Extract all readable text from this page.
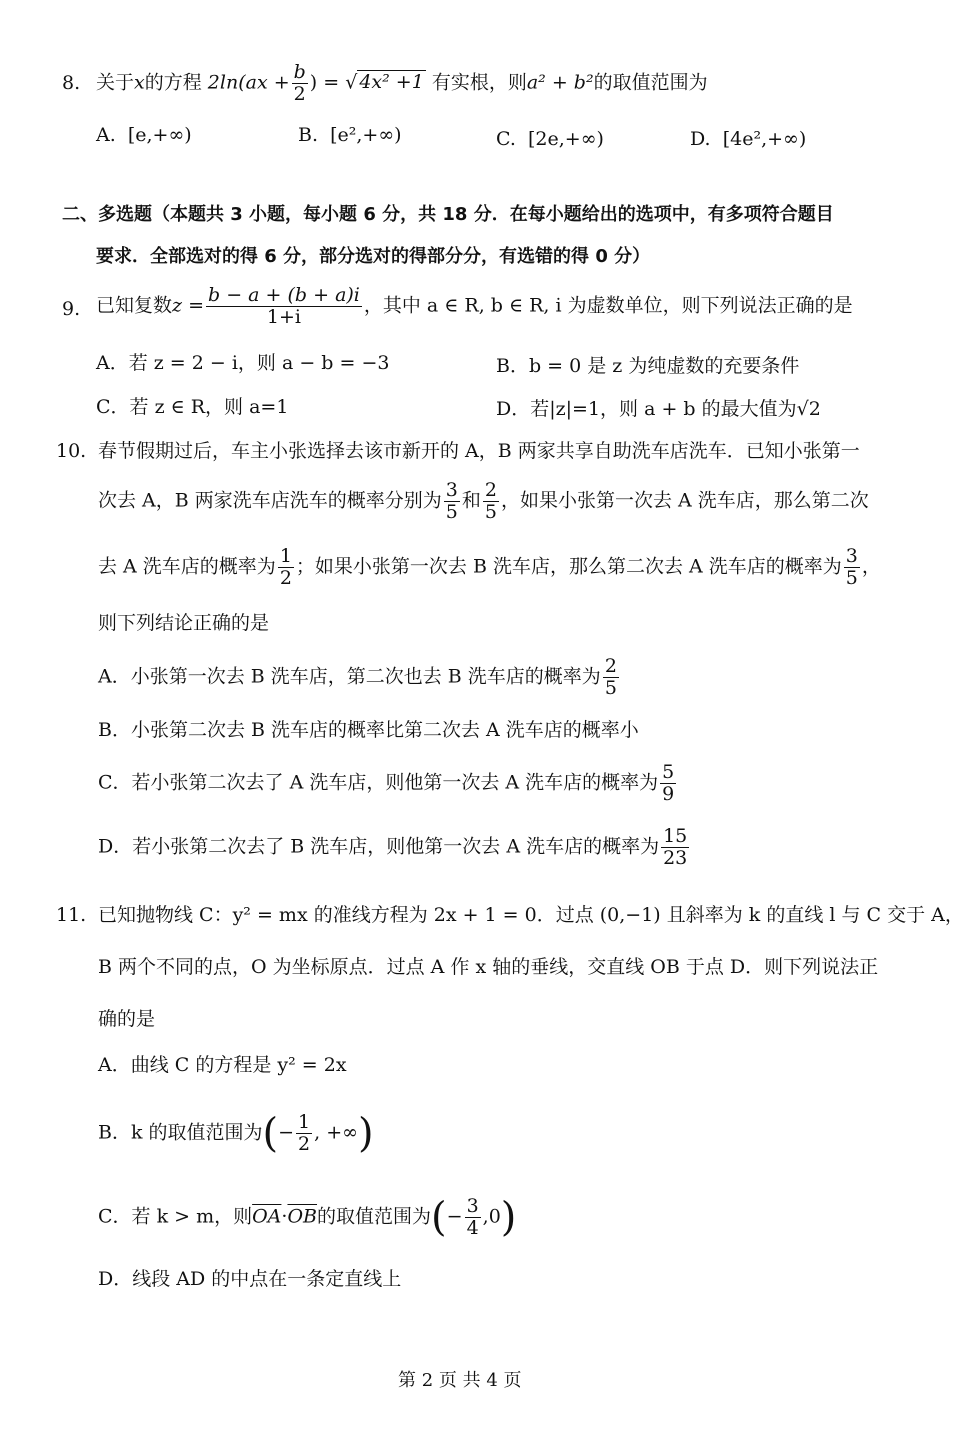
8. 关于x的方程 $2\ln(ax + \frac{b}{2}$ ) = √ 4x² +1 有实根，则a² + b²的取值范围为
A. [e,+∞)	B. [e²,+∞)	C. [2e,+∞)	D. [4e²,+∞)
二、多选题（本题共 3 小题，每小题 6 分，共 18 分．在每小题给出的选项中，有多项符合题目
要求．全部选对的得 6 分，部分选对的得部分分，有选错的得 0 分）
9. 已知复数$z = \frac{b - a + (b + a)i}{1+i}$ ，其中 a ∈ R, b ∈ R, i 为虚数单位，则下列说法正确的是
A．若 z = 2 − i，则 a − b = −3	B．b = 0 是 z 为纯虚数的充要条件
C．若 z ∈ R，则 a=1	D．若|z|=1，则 a + b 的最大值为√2
10. 春节假期过后，车主小张选择去该市新开的 A，B 两家共享自助洗车店洗车．已知小张第一
次去 A，B 两家洗车店洗车的概率分别为 $\frac{3}{5}$ 和 $\frac{2}{5}$ ，如果小张第一次去 A 洗车店，那么第二次
去 A 洗车店的概率为 $\frac{1}{2}$ ；如果小张第一次去 B 洗车店，那么第二次去 A 洗车店的概率为 $\frac{3}{5}$ ，
则下列结论正确的是
A．小张第一次去 B 洗车店，第二次也去 B 洗车店的概率为 $\frac{2}{5}$
B．小张第二次去 B 洗车店的概率比第二次去 A 洗车店的概率小
C．若小张第二次去了 A 洗车店，则他第一次去 A 洗车店的概率为 $\frac{5}{9}$
D．若小张第二次去了 B 洗车店，则他第一次去 A 洗车店的概率为 $\frac{15}{23}$
11. 已知抛物线 C：y² = mx 的准线方程为 2x + 1 = 0．过点 (0,−1) 且斜率为 k 的直线 l 与 C 交于 A，
B 两个不同的点，O 为坐标原点．过点 A 作 x 轴的垂线，交直线 OB 于点 D．则下列说法正
确的是
A．曲线 C 的方程是 y² = 2x
B．k 的取值范围为(− $\frac{1}{2}$ , +∞)
C．若 k > m，则$\overline{OA}\cdot\overline{OB}$的取值范围为(− $\frac{3}{4} ,0$)
D．线段 AD 的中点在一条定直线上
第 2 页 共 4 页
